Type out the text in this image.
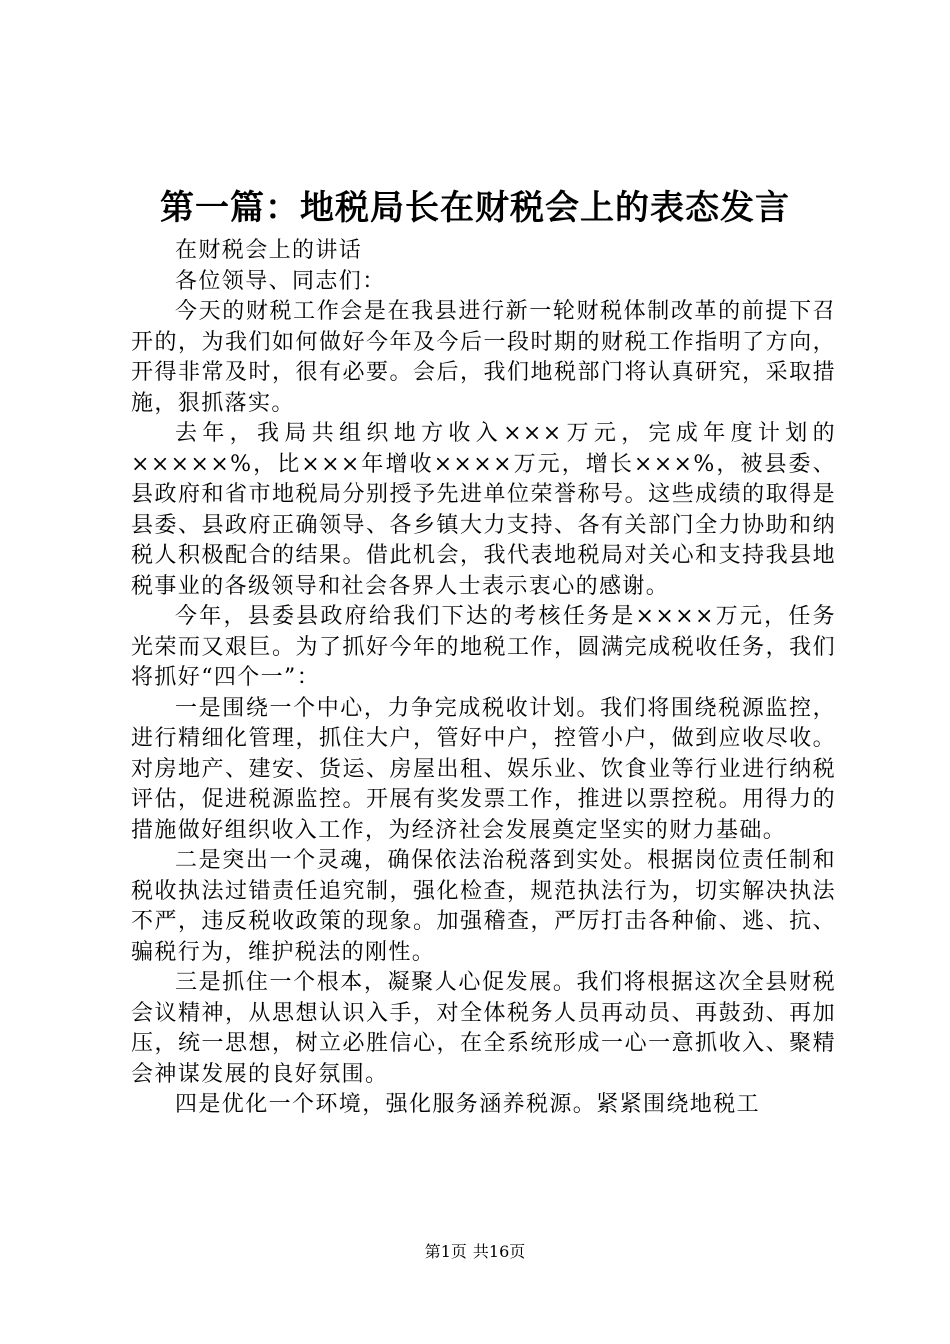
第一篇：地税局长在财税会上的表态发言

在财税会上的讲话

各位领导、同志们：

今天的财税工作会是在我县进行新一轮财税体制改革的前提下召开的，为我们如何做好今年及今后一段时期的财税工作指明了方向，开得非常及时，很有必要。会后，我们地税部门将认真研究，采取措施，狠抓落实。

去年，我局共组织地方收入×××万元，完成年度计划的×××××%，比×××年增收××××万元，增长×××%，被县委、县政府和省市地税局分别授予先进单位荣誉称号。这些成绩的取得是县委、县政府正确领导、各乡镇大力支持、各有关部门全力协助和纳税人积极配合的结果。借此机会，我代表地税局对关心和支持我县地税事业的各级领导和社会各界人士表示衷心的感谢。

今年，县委县政府给我们下达的考核任务是××××万元，任务光荣而又艰巨。为了抓好今年的地税工作，圆满完成税收任务，我们将抓好“四个一”：

一是围绕一个中心，力争完成税收计划。我们将围绕税源监控，进行精细化管理，抓住大户，管好中户，控管小户，做到应收尽收。对房地产、建安、货运、房屋出租、娱乐业、饮食业等行业进行纳税评估，促进税源监控。开展有奖发票工作，推进以票控税。用得力的措施做好组织收入工作，为经济社会发展奠定坚实的财力基础。

二是突出一个灵魂，确保依法治税落到实处。根据岗位责任制和税收执法过错责任追究制，强化检查，规范执法行为，切实解决执法不严，违反税收政策的现象。加强稽查，严厉打击各种偷、逃、抗、骗税行为，维护税法的刚性。

三是抓住一个根本，凝聚人心促发展。我们将根据这次全县财税会议精神，从思想认识入手，对全体税务人员再动员、再鼓劲、再加压，统一思想，树立必胜信心，在全系统形成一心一意抓收入、聚精会神谋发展的良好氛围。

四是优化一个环境，强化服务涵养税源。紧紧围绕地税工

第1页 共16页
